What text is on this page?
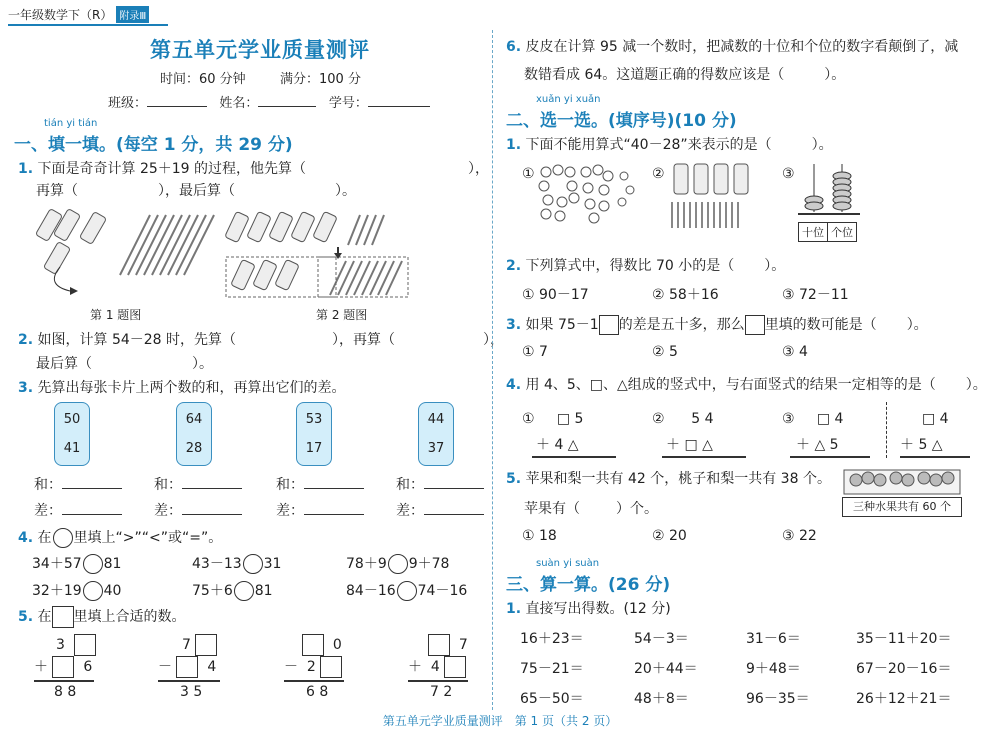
一年级数学下（R） 附录Ⅲ
第五单元学业质量测评
时间：60 分钟	满分：100 分
班级：	姓名：	学号：
tián yi tián
一、填一填。(每空 1 分，共 29 分)
1. 下面是奇奇计算 25＋19 的过程，他先算（	），
再算（	），最后算（	）。
第 1 题图	第 2 题图
2. 如图，计算 54－28 时，先算（	），再算（	），
最后算（	）。
3. 先算出每张卡片上两个数的和，再算出它们的差。
50
41
64
28
53
17
44
37
和：	和：	和：	和：
差：	差：	差：	差：
4. 在 里填上“>”“<”或“=”。
34＋57 81	43－13 31	78＋9 9＋78
32＋19 40	75＋6 81	84－16 74－16
5. 在 里填上合适的数。
3
＋	6
8 8
7
－	4
3 5
0
－ 2
6 8
7
＋ 4
7 2
6. 皮皮在计算 95 减一个数时，把减数的十位和个位的数字看颠倒了，减
数错看成 64。这道题正确的得数应该是（	）。
xuǎn yi xuǎn
二、选一选。(填序号)(10 分)
1. 下面不能用算式“40－28”来表示的是（	）。
①	②	③
十位 个位
2. 下列算式中，得数比 70 小的是（ ）。
① 90－17	② 58＋16	③ 72－11
3. 如果 75－1 的差是五十多，那么 里填的数可能是（ ）。
① 7	② 5	③ 4
4. 用 4、5、□、△组成的竖式中，与右面竖式的结果一定相等的是（ ）。
① □ 5
＋ 4 △
② 5 4
＋ □ △
③ □ 4
＋ △ 5
□ 4
＋ 5 △
5. 苹果和梨一共有 42 个，桃子和梨一共有 38 个。
苹果有（	）个。	三种水果共有 60 个
① 18	② 20	③ 22
suàn yi suàn
三、算一算。(26 分)
1. 直接写出得数。(12 分)
16＋23＝	54－3＝	31－6＝	35－11＋20＝
75－21＝	20＋44＝	9＋48＝	67－20－16＝
65－50＝	48＋8＝	96－35＝	26＋12＋21＝
第五单元学业质量测评　第 1 页（共 2 页）
